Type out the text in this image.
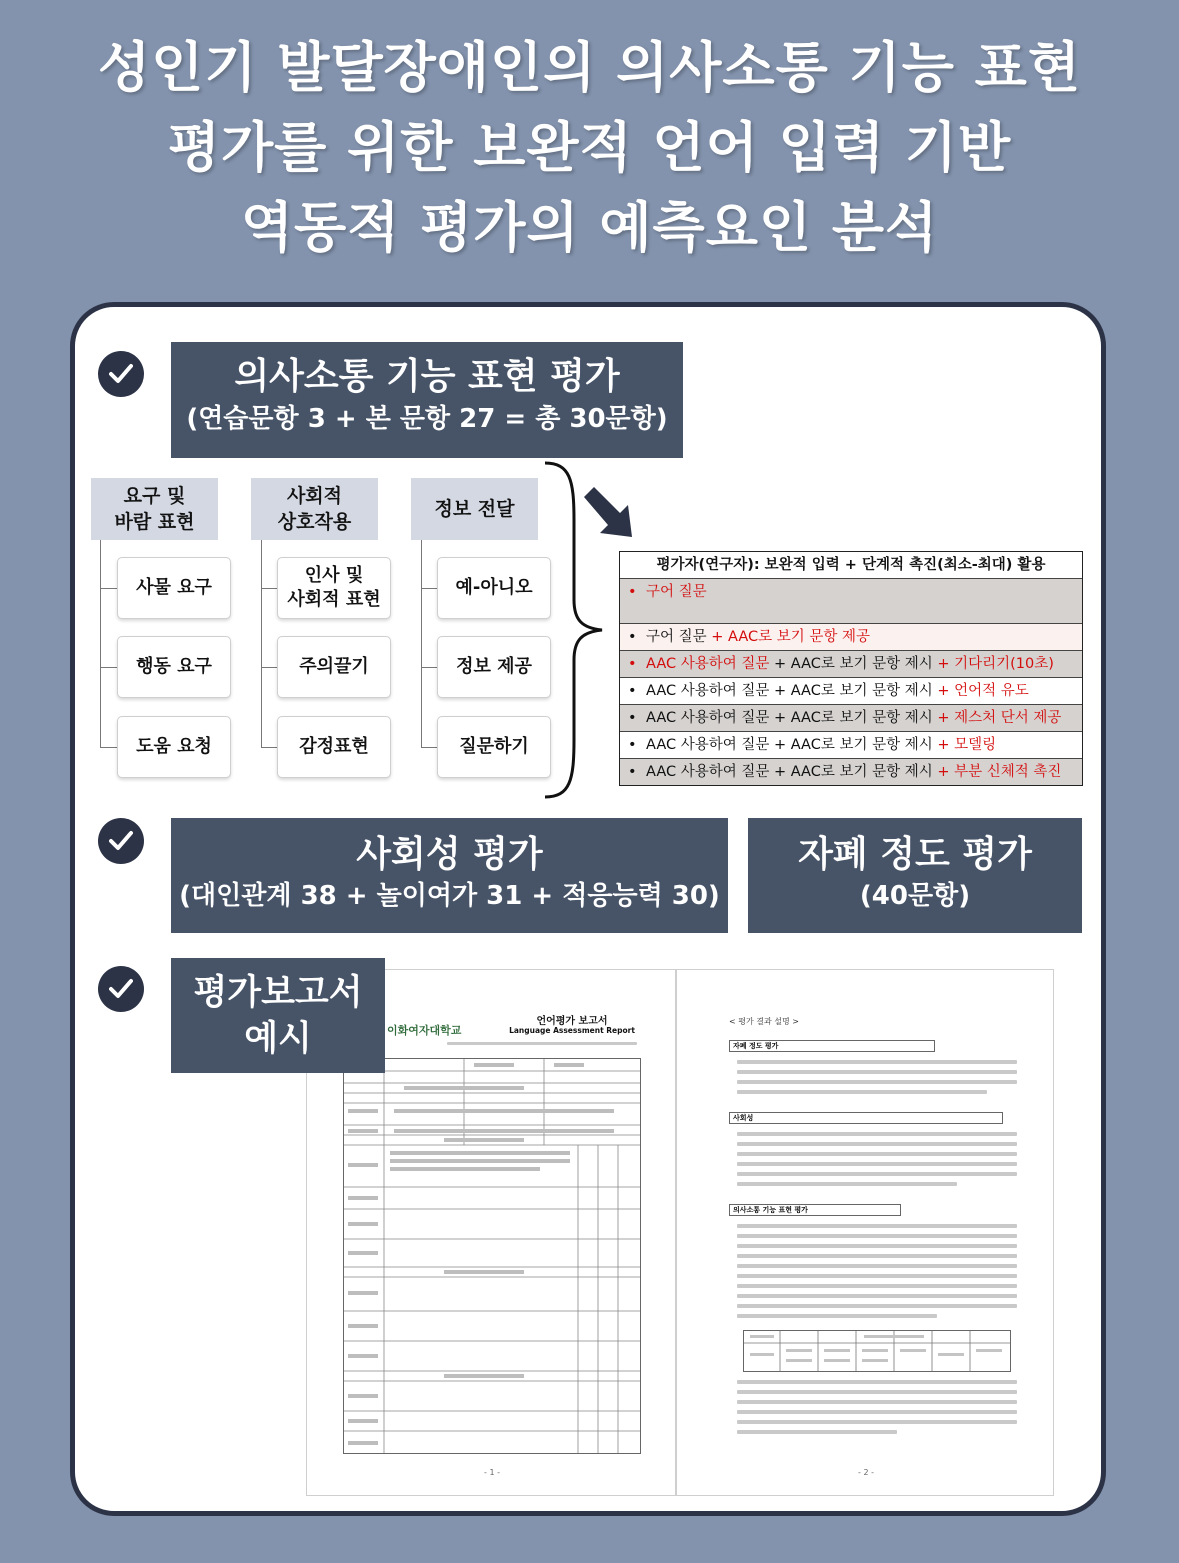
성인기 발달장애인의 의사소통 기능 표현
평가를 위한 보완적 언어 입력 기반
역동적 평가의 예측요인 분석
의사소통 기능 표현 평가
(연습문항 3 + 본 문항 27 = 총 30문항)
요구 및
바람 표현
사회적
상호작용
정보 전달
사물 요구
행동 요구
도움 요청
인사 및
사회적 표현
주의끌기
감정표현
예-아니오
정보 제공
질문하기
평가자(연구자): 보완적 입력 + 단계적 촉진(최소-최대) 활용
• 구어 질문
• 구어 질문 + AAC로 보기 문항 제공
• AAC 사용하여 질문 + AAC로 보기 문항 제시 + 기다리기(10초)
• AAC 사용하여 질문 + AAC로 보기 문항 제시 + 언어적 유도
• AAC 사용하여 질문 + AAC로 보기 문항 제시 + 제스처 단서 제공
• AAC 사용하여 질문 + AAC로 보기 문항 제시 + 모델링
• AAC 사용하여 질문 + AAC로 보기 문항 제시 + 부분 신체적 촉진
사회성 평가
(대인관계 38 + 놀이여가 31 + 적응능력 30)
자폐 정도 평가
(40문항)
이화여자대학교
언어평가 보고서
Language Assessment Report
- 1 -
< 평가 결과 설명 >
자폐 정도 평가
사회성
의사소통 기능 표현 평가
- 2 -
평가보고서
예시
